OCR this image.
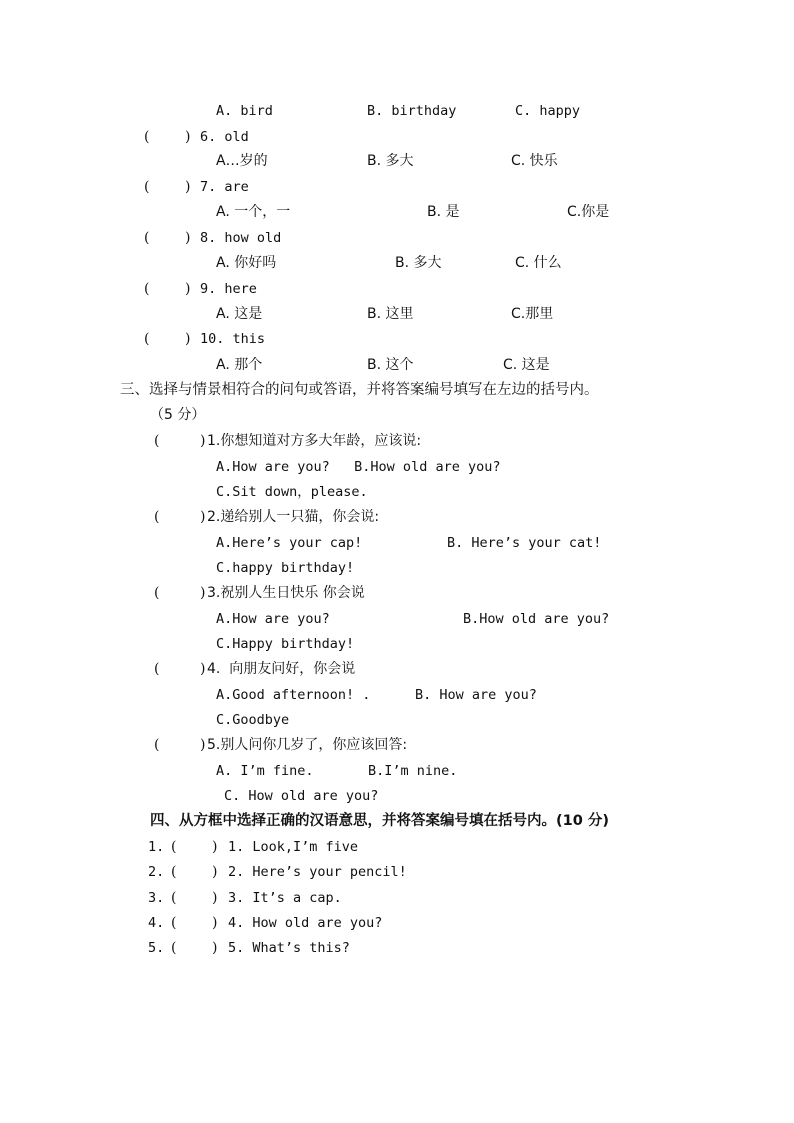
A. bird	B. birthday	C. happy
(	) 6. old
A…岁的	B. 多大	C. 快乐
(	) 7. are
A. 一个，一	B. 是	C.你是
(	) 8. how old
A. 你好吗	B. 多大	C. 什么
(	) 9. here
A. 这是	B. 这里	C.那里
(	) 10. this
A. 那个	B. 这个	C. 这是
三、选择与情景相符合的问句或答语，并将答案编号填写在左边的括号内。
（5 分）
(	) 1.你想知道对方多大年龄，应该说:
A.How are you?   B.How old are you?
C.Sit down，please.
(	) 2.递给别人一只猫，你会说:
A.Here’s your cap!	B. Here’s your cat!
C.happy birthday!
(	) 3.祝别人生日快乐 你会说
A.How are you?	B.How old are you?
C.Happy birthday!
(	) 4.  向朋友问好，你会说
A.Good afternoon! .	B. How are you?
C.Goodbye
(	) 5.别人问你几岁了，你应该回答:
A. I’m fine.	B.I’m nine.
C. How old are you?
四、从方框中选择正确的汉语意思，并将答案编号填在括号内。(10 分)
1. (	) 1. Look,I’m five
2. (	) 2. Here’s your pencil!
3. (	) 3. It’s a cap.
4. (	) 4. How old are you?
5. (	) 5. What’s this?
